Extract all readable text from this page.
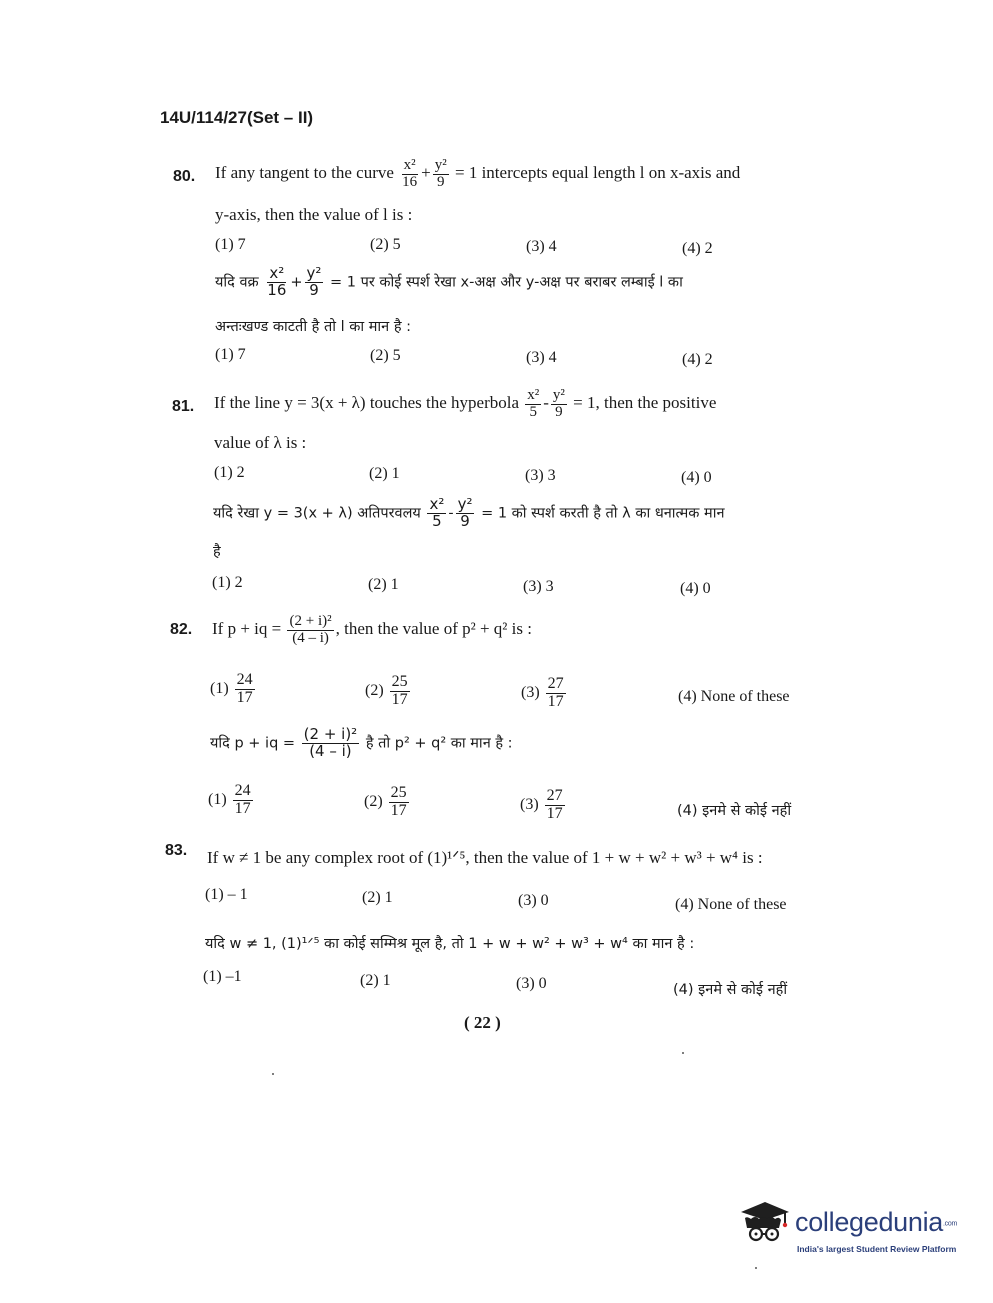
14U/114/27(Set – II)
80. If any tangent to the curve $\frac{\text{x²}}{16} + \frac{\text{y²}}{9} = 1$ intercepts equal length l on x-axis and
y-axis, then the value of l is :
(1) 7	(2) 5	(3) 4	(4) 2
यदि वक्र $\frac{\text{x²}}{16} + \frac{\text{y²}}{9} = 1$ पर कोई स्पर्श रेखा x-अक्ष और y-अक्ष पर बराबर लम्बाई l का
अन्तःखण्ड काटती है तो l का मान है :
(1) 7	(2) 5	(3) 4	(4) 2
81. If the line y = 3(x + λ) touches the hyperbola $\frac{\text{x²}}{5} - \frac{\text{y²}}{9} = 1$, then the positive
value of λ is :
(1) 2	(2) 1	(3) 3	(4) 0
यदि रेखा y = 3(x + λ) अतिपरवलय $\frac{\text{x²}}{5} - \frac{\text{y²}}{9} = 1$ को स्पर्श करती है तो λ का धनात्मक मान
है
(1) 2	(2) 1	(3) 3	(4) 0
82. If p + iq = $\frac{\text{(2 + i)²}}{(4 - i)}$ , then the value of p² + q² is :
$(1) \frac{24}{17}$	$(2) \frac{25}{17}$	$(3) \frac{27}{17}$	(4) None of these
यदि p + iq = $\frac{\text{(2 + i)²}}{(4 - i)}$ है तो p² + q² का मान है :
$(1) \frac{24}{17}$	$(2) \frac{25}{17}$	$(3) \frac{27}{17}$	(4) इनमे से कोई नहीं
83. If w ≠ 1 be any complex root of (1)¹ᐟ⁵, then the value of 1 + w + w² + w³ + w⁴ is :
(1) – 1	(2) 1	(3) 0	(4) None of these
यदि w ≠ 1, (1)¹ᐟ⁵ का कोई सम्मिश्र मूल है, तो 1 + w + w² + w³ + w⁴ का मान है :
(1) –1	(2) 1	(3) 0	(4) इनमे से कोई नहीं
( 22 )
collegedunia.com
India's largest Student Review Platform
